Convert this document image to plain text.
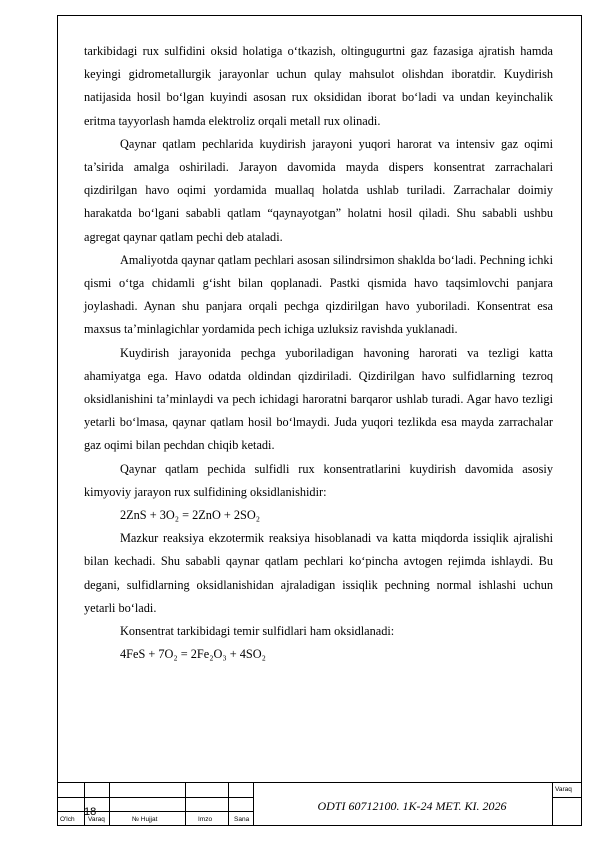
tarkibidagi rux sulfidini oksid holatiga o‘tkazish, oltingugurtni gaz fazasiga ajratish hamda keyingi gidrometallurgik jarayonlar uchun qulay mahsulot olishdan iboratdir. Kuydirish natijasida hosil bo‘lgan kuyindi asosan rux oksididan iborat bo‘ladi va undan keyinchalik eritma tayyorlash hamda elektroliz orqali metall rux olinadi.

Qaynar qatlam pechlarida kuydirish jarayoni yuqori harorat va intensiv gaz oqimi ta’sirida amalga oshiriladi. Jarayon davomida mayda dispers konsentrat zarrachalari qizdirilgan havo oqimi yordamida muallaq holatda ushlab turiladi. Zarrachalar doimiy harakatda bo‘lgani sababli qatlam “qaynayotgan” holatni hosil qiladi. Shu sababli ushbu agregat qaynar qatlam pechi deb ataladi.

Amaliyotda qaynar qatlam pechlari asosan silindrsimon shaklda bo‘ladi. Pechning ichki qismi o‘tga chidamli g‘isht bilan qoplanadi. Pastki qismida havo taqsimlovchi panjara joylashadi. Aynan shu panjara orqali pechga qizdirilgan havo yuboriladi. Konsentrat esa maxsus ta’minlagichlar yordamida pech ichiga uzluksiz ravishda yuklanadi.

Kuydirish jarayonida pechga yuboriladigan havoning harorati va tezligi katta ahamiyatga ega. Havo odatda oldindan qizdiriladi. Qizdirilgan havo sulfidlarning tezroq oksidlanishini ta’minlaydi va pech ichidagi haroratni barqaror ushlab turadi. Agar havo tezligi yetarli bo‘lmasa, qaynar qatlam hosil bo‘lmaydi. Juda yuqori tezlikda esa mayda zarrachalar gaz oqimi bilan pechdan chiqib ketadi.

Qaynar qatlam pechida sulfidli rux konsentratlarini kuydirish davomida asosiy kimyoviy jarayon rux sulfidining oksidlanishidir:

2ZnS + 3O₂ = 2ZnO + 2SO₂

Mazkur reaksiya ekzotermik reaksiya hisoblanadi va katta miqdorda issiqlik ajralishi bilan kechadi. Shu sababli qaynar qatlam pechlari ko‘pincha avtogen rejimda ishlaydi. Bu degani, sulfidlarning oksidlanishidan ajraladigan issiqlik pechning normal ishlashi uchun yetarli bo‘ladi.

Konsentrat tarkibidagi temir sulfidlari ham oksidlanadi:

4FeS + 7O₂ = 2Fe₂O₃ + 4SO₂

18	ODTI 60712100. 1K-24 MET. KI. 2026
Varaq
O'lch Varaq	№ Hujjat	Imzo	Sana
